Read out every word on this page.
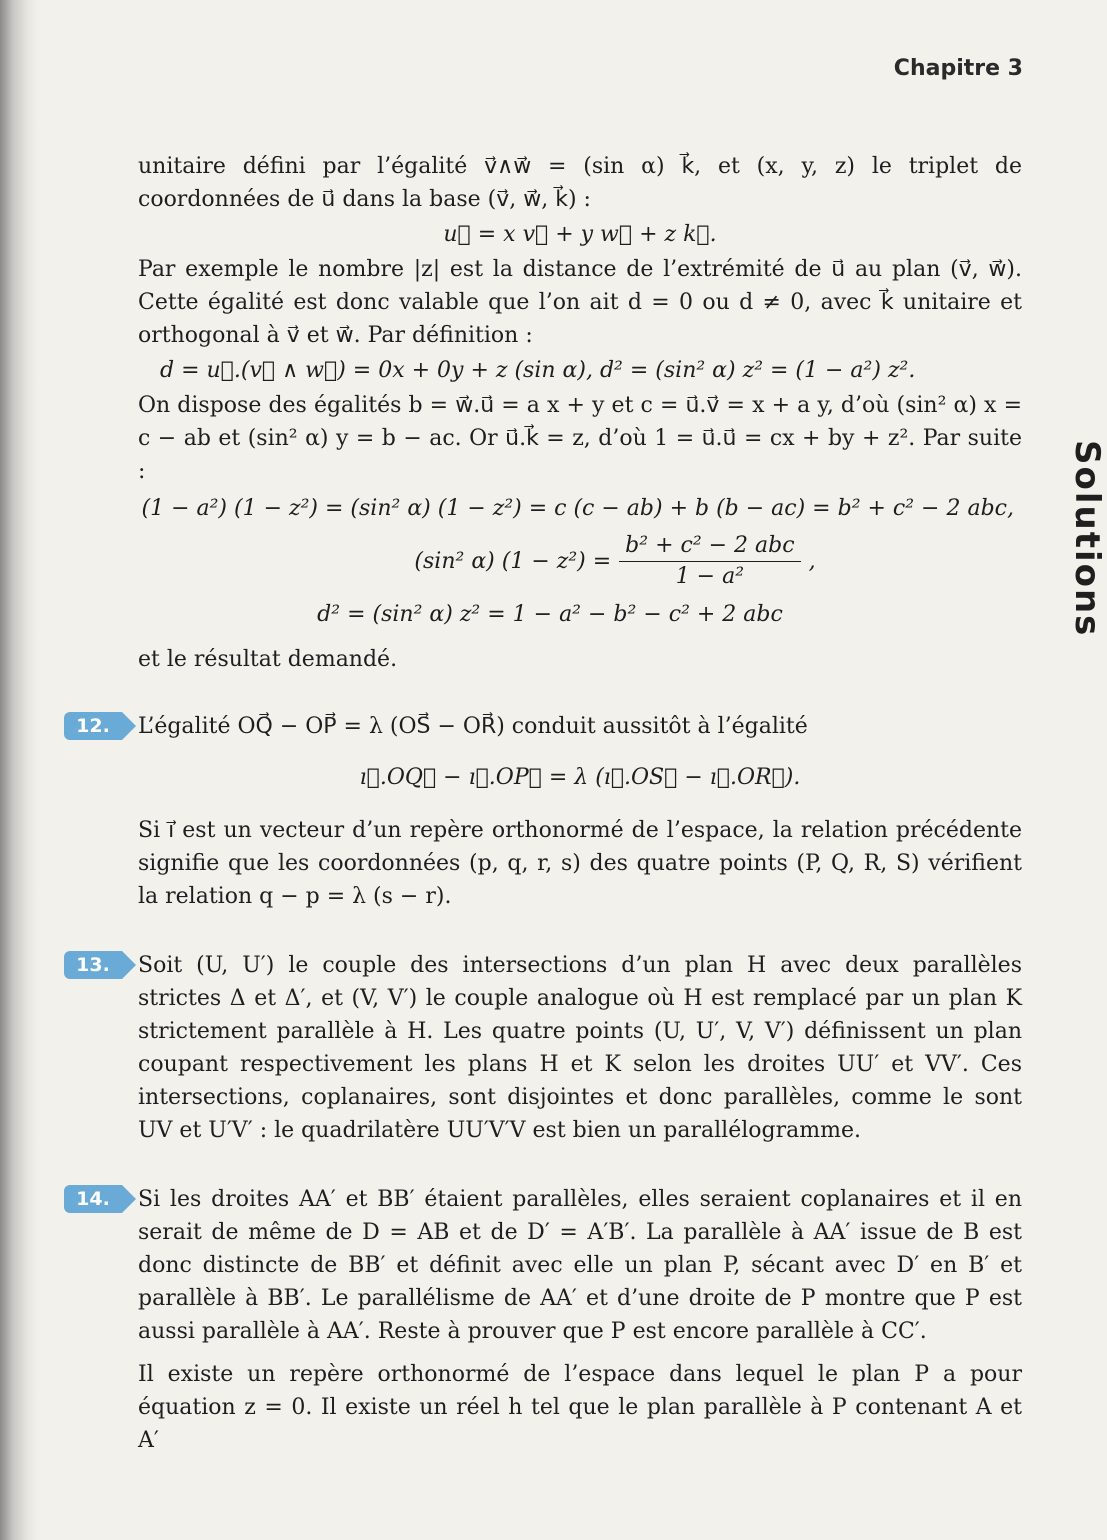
Chapitre 3
Solutions

unitaire défini par l’égalité v⃗∧w⃗ = (sin α) k⃗, et (x, y, z) le triplet de coordonnées de u⃗ dans la base (v⃗, w⃗, k⃗) :

u⃗ = x v⃗ + y w⃗ + z k⃗.

Par exemple le nombre |z| est la distance de l’extrémité de u⃗ au plan (v⃗, w⃗). Cette égalité est donc valable que l’on ait d = 0 ou d ≠ 0, avec k⃗ unitaire et orthogonal à v⃗ et w⃗. Par définition :

d = u⃗.(v⃗ ∧ w⃗) = 0x + 0y + z (sin α), d² = (sin² α) z² = (1 − a²) z².

On dispose des égalités b = w⃗.u⃗ = a x + y et c = u⃗.v⃗ = x + a y, d’où (sin² α) x = c − ab et (sin² α) y = b − ac. Or u⃗.k⃗ = z, d’où 1 = u⃗.u⃗ = cx + by + z². Par suite :

(1 − a²) (1 − z²) = (sin² α) (1 − z²) = c (c − ab) + b (b − ac) = b² + c² − 2 abc,
(sin² α) (1 − z²) =
b² + c² − 2 abc
1 − a²
,
d² = (sin² α) z² = 1 − a² − b² − c² + 2 abc

et le résultat demandé.

12.	L’égalité OQ⃗ − OP⃗ = λ (OS⃗ − OR⃗) conduit aussitôt à l’égalité

ı⃗.OQ⃗ − ı⃗.OP⃗ = λ (ı⃗.OS⃗ − ı⃗.OR⃗).

Si ı⃗ est un vecteur d’un repère orthonormé de l’espace, la relation précédente signifie que les coordonnées (p, q, r, s) des quatre points (P, Q, R, S) vérifient la relation q − p = λ (s − r).

13.	Soit (U, U′) le couple des intersections d’un plan H avec deux parallèles strictes Δ et Δ′, et (V, V′) le couple analogue où H est remplacé par un plan K strictement parallèle à H. Les quatre points (U, U′, V, V′) définissent un plan coupant respectivement les plans H et K selon les droites UU′ et VV′. Ces intersections, coplanaires, sont disjointes et donc parallèles, comme le sont UV et U′V′ : le quadrilatère UU′V′V est bien un parallélogramme.

14.	Si les droites AA′ et BB′ étaient parallèles, elles seraient coplanaires et il en serait de même de D = AB et de D′ = A′B′. La parallèle à AA′ issue de B est donc distincte de BB′ et définit avec elle un plan P, sécant avec D′ en B′ et parallèle à BB′. Le parallélisme de AA′ et d’une droite de P montre que P est aussi parallèle à AA′. Reste à prouver que P est encore parallèle à CC′.

Il existe un repère orthonormé de l’espace dans lequel le plan P a pour équation z = 0. Il existe un réel h tel que le plan parallèle à P contenant A et A′
